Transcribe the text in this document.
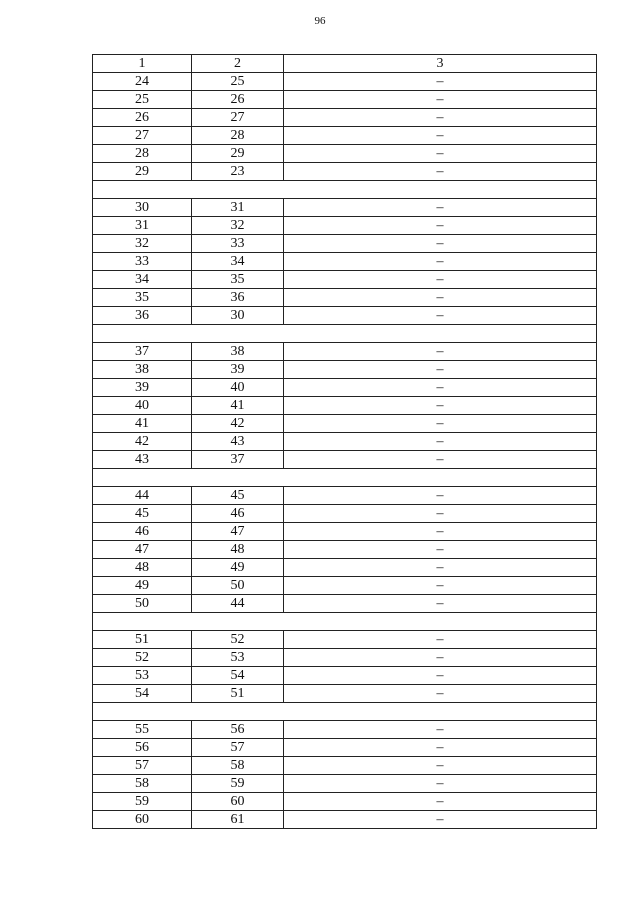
96
1	2	3
24	25	–
25	26	–
26	27	–
27	28	–
28	29	–
29	23	–

30	31	–
31	32	–
32	33	–
33	34	–
34	35	–
35	36	–
36	30	–

37	38	–
38	39	–
39	40	–
40	41	–
41	42	–
42	43	–
43	37	–

44	45	–
45	46	–
46	47	–
47	48	–
48	49	–
49	50	–
50	44	–

51	52	–
52	53	–
53	54	–
54	51	–

55	56	–
56	57	–
57	58	–
58	59	–
59	60	–
60	61	–
